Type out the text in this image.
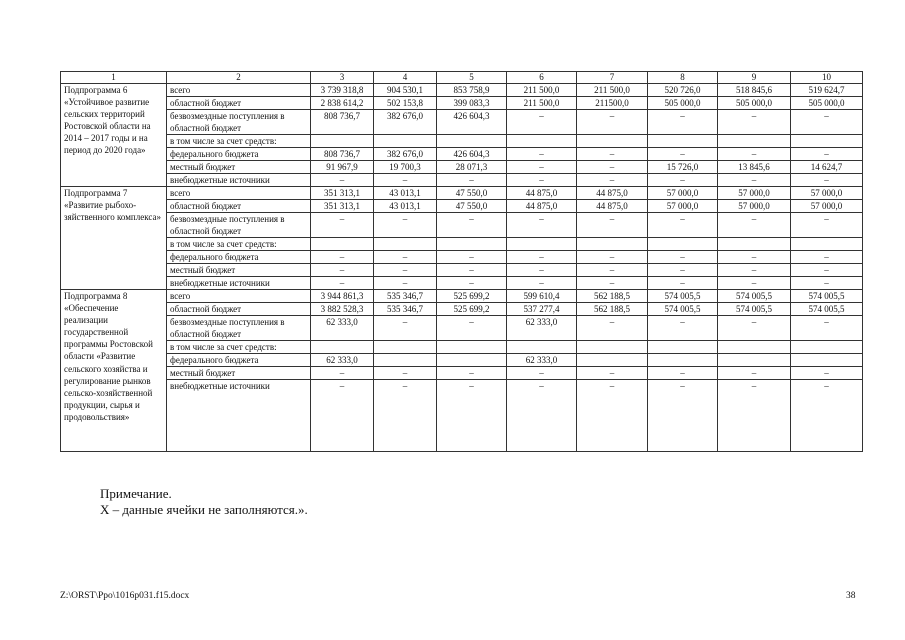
1	2	3	4	5	6	7	8	9	10
Подпрограмма 6 «Устойчивое развитие сельских территорий Ростовской области на 2014 – 2017 годы и на период до 2020 года»	всего	3 739 318,8	904 530,1	853 758,9	211 500,0	211 500,0	520 726,0	518 845,6	519 624,7
	областной бюджет	2 838 614,2	502 153,8	399 083,3	211 500,0	211500,0	505 000,0	505 000,0	505 000,0
	безвозмездные поступления в областной бюджет	808 736,7	382 676,0	426 604,3	–	–	–	–	–
	в том числе за счет средств:								
	федерального бюджета	808 736,7	382 676,0	426 604,3	–	–	–	–	–
	местный бюджет	91 967,9	19 700,3	28 071,3	–	–	15 726,0	13 845,6	14 624,7
	внебюджетные источники	–	–	–	–	–	–	–	–
Подпрограмма 7 «Развитие рыбохо-зяйственного комплекса»	всего	351 313,1	43 013,1	47 550,0	44 875,0	44 875,0	57 000,0	57 000,0	57 000,0
	областной бюджет	351 313,1	43 013,1	47 550,0	44 875,0	44 875,0	57 000,0	57 000,0	57 000,0
	безвозмездные поступления в областной бюджет	–	–	–	–	–	–	–	–
	в том числе за счет средств:								
	федерального бюджета	–	–	–	–	–	–	–	–
	местный бюджет	–	–	–	–	–	–	–	–
	внебюджетные источники	–	–	–	–	–	–	–	–
Подпрограмма 8 «Обеспечение реализации государственной программы Ростовской области «Развитие сельского хозяйства и регулирование рынков сельско-хозяйственной продукции, сырья и продовольствия»	всего	3 944 861,3	535 346,7	525 699,2	599 610,4	562 188,5	574 005,5	574 005,5	574 005,5
	областной бюджет	3 882 528,3	535 346,7	525 699,2	537 277,4	562 188,5	574 005,5	574 005,5	574 005,5
	безвозмездные поступления в областной бюджет	62 333,0	–	–	62 333,0	–	–	–	–
	в том числе за счет средств:								
	федерального бюджета	62 333,0			62 333,0				
	местный бюджет	–	–	–	–	–	–	–	–
	внебюджетные источники	–	–	–	–	–	–	–	–
Примечание.
Х – данные ячейки не заполняются.».
Z:\ORST\Ppo\1016p031.f15.docx	38
